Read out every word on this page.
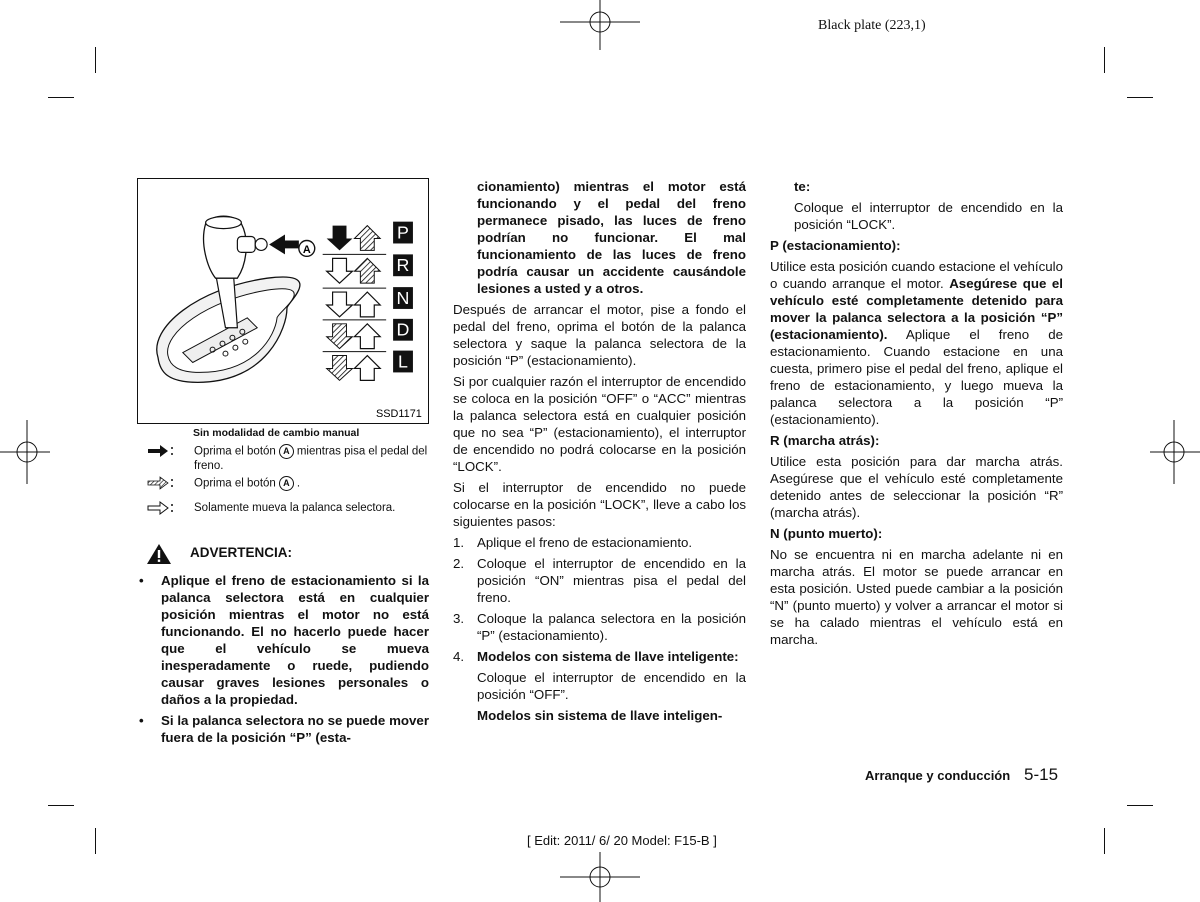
Black plate (223,1)
A
P
R
N
D
L
SSD1171
Sin modalidad de cambio manual
Oprima el botón A mientras pisa el pedal del freno.
Oprima el botón A .
Solamente mueva la palanca selectora.
ADVERTENCIA:
• Aplique el freno de estacionamiento si la palanca selectora está en cualquier posición mientras el motor no está funcionando. El no hacerlo puede hacer que el vehículo se mueva inesperadamente o ruede, pudiendo causar graves lesiones personales o daños a la propiedad.
• Si la palanca selectora no se puede mover fuera de la posición “P” (esta-

cionamiento) mientras el motor está funcionando y el pedal del freno permanece pisado, las luces de freno podrían no funcionar. El mal funcionamiento de las luces de freno podría causar un accidente causándole lesiones a usted y a otros.

Después de arrancar el motor, pise a fondo el pedal del freno, oprima el botón de la palanca selectora y saque la palanca selectora de la posición “P” (estacionamiento).

Si por cualquier razón el interruptor de encendido se coloca en la posición “OFF” o “ACC” mientras la palanca selectora está en cualquier posición que no sea “P” (estacionamiento), el interruptor de encendido no podrá colocarse en la posición “LOCK”.

Si el interruptor de encendido no puede colocarse en la posición “LOCK”, lleve a cabo los siguientes pasos:

1. Aplique el freno de estacionamiento.
2. Coloque el interruptor de encendido en la posición “ON” mientras pisa el pedal del freno.
3. Coloque la palanca selectora en la posición “P” (estacionamiento).
4. Modelos con sistema de llave inteligente:

Coloque el interruptor de encendido en la posición “OFF”.

Modelos sin sistema de llave inteligen-

te:

Coloque el interruptor de encendido en la posición “LOCK”.

P (estacionamiento):

Utilice esta posición cuando estacione el vehículo o cuando arranque el motor. Asegúrese que el vehículo esté completamente detenido para mover la palanca selectora a la posición “P” (estacionamiento). Aplique el freno de estacionamiento. Cuando estacione en una cuesta, primero pise el pedal del freno, aplique el freno de estacionamiento, y luego mueva la palanca selectora a la posición “P” (estacionamiento).

R (marcha atrás):

Utilice esta posición para dar marcha atrás. Asegúrese que el vehículo esté completamente detenido antes de seleccionar la posición “R” (marcha atrás).

N (punto muerto):

No se encuentra ni en marcha adelante ni en marcha atrás. El motor se puede arrancar en esta posición. Usted puede cambiar a la posición “N” (punto muerto) y volver a arrancar el motor si se ha calado mientras el vehículo está en marcha.

Arranque y conducción 5-15
[ Edit: 2011/ 6/ 20 Model: F15-B ]
